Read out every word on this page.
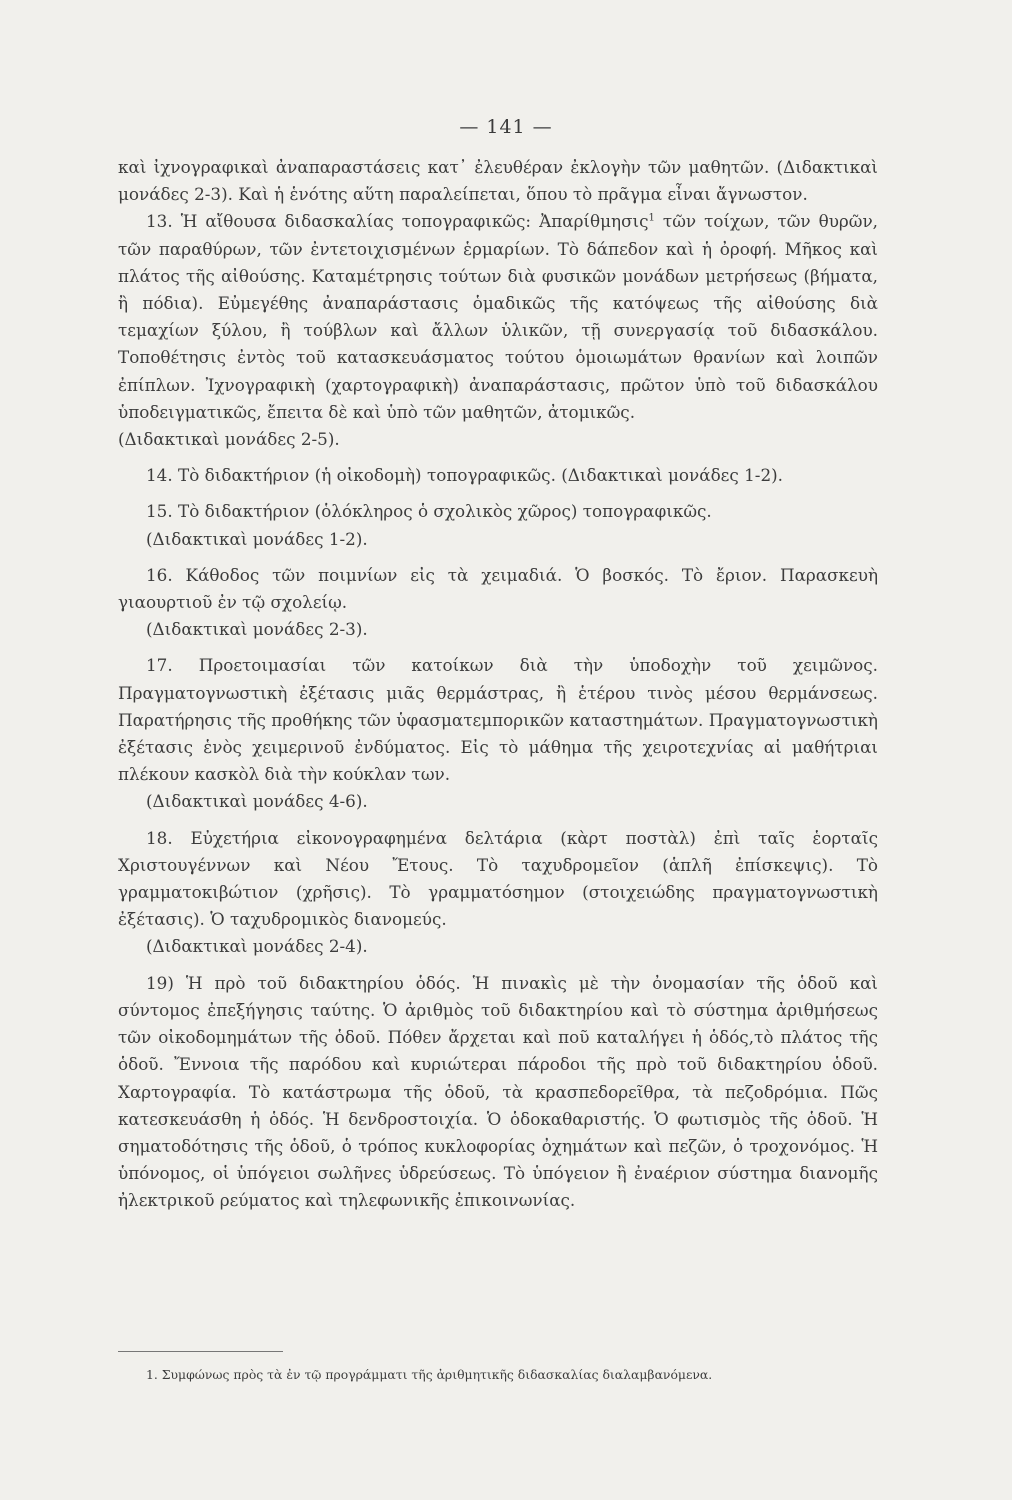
— 141 —

καὶ ἰχνογραφικαὶ ἀναπαραστάσεις κατ᾽ ἐλευθέραν ἐκλογὴν τῶν μαθητῶν. (Διδακτικαὶ μονάδες 2-3). Καὶ ἡ ἑνότης αὕτη παραλείπεται, ὅπου τὸ πρᾶγμα εἶναι ἄγνωστον.

13. Ἡ αἴθουσα διδασκαλίας τοπογραφικῶς: Ἀπαρίθμησις$^1$ τῶν τοίχων, τῶν θυρῶν, τῶν παραθύρων, τῶν ἐντετοιχισμένων ἑρμαρίων. Τὸ δάπεδον καὶ ἡ ὀροφή. Μῆκος καὶ πλάτος τῆς αἰθούσης. Καταμέτρησις τούτων διὰ φυσικῶν μονάδων μετρήσεως (βήματα, ἢ πόδια). Εὐμεγέθης ἀναπαράστασις ὁμαδικῶς τῆς κατόψεως τῆς αἰθούσης διὰ τεμαχίων ξύλου, ἢ τούβλων καὶ ἄλλων ὑλικῶν, τῇ συνεργασίᾳ τοῦ διδασκάλου. Τοποθέτησις ἐντὸς τοῦ κατασκευάσματος τούτου ὁμοιωμάτων θρανίων καὶ λοιπῶν ἐπίπλων. Ἰχνογραφικὴ (χαρτογραφικὴ) ἀναπαράστασις, πρῶτον ὑπὸ τοῦ διδασκάλου ὑποδειγματικῶς, ἔπειτα δὲ καὶ ὑπὸ τῶν μαθητῶν, ἀτομικῶς.

(Διδακτικαὶ μονάδες 2-5).

14. Τὸ διδακτήριον (ἡ οἰκοδομὴ) τοπογραφικῶς. (Διδακτικαὶ μονάδες 1-2).

15. Τὸ διδακτήριον (ὁλόκληρος ὁ σχολικὸς χῶρος) τοπογραφικῶς.

(Διδακτικαὶ μονάδες 1-2).

16. Κάθοδος τῶν ποιμνίων εἰς τὰ χειμαδιά. Ὁ βοσκός. Τὸ ἔριον. Παρασκευὴ γιαουρτιοῦ ἐν τῷ σχολείῳ.

(Διδακτικαὶ μονάδες 2-3).

17. Προετοιμασίαι τῶν κατοίκων διὰ τὴν ὑποδοχὴν τοῦ χειμῶνος. Πραγματογνωστικὴ ἐξέτασις μιᾶς θερμάστρας, ἢ ἑτέρου τινὸς μέσου θερμάνσεως. Παρατήρησις τῆς προθήκης τῶν ὑφασματεμπορικῶν καταστημάτων. Πραγματογνωστικὴ ἐξέτασις ἑνὸς χειμερινοῦ ἐνδύματος. Εἰς τὸ μάθημα τῆς χειροτεχνίας αἱ μαθήτριαι πλέκουν κασκὸλ διὰ τὴν κούκλαν των.

(Διδακτικαὶ μονάδες 4-6).

18. Εὐχετήρια εἰκονογραφημένα δελτάρια (κὰρτ ποστὰλ) ἐπὶ ταῖς ἑορταῖς Χριστουγέννων καὶ Νέου Ἔτους. Τὸ ταχυδρομεῖον (ἁπλῆ ἐπίσκεψις). Τὸ γραμματοκιβώτιον (χρῆσις). Τὸ γραμματόσημον (στοιχειώδης πραγματογνωστικὴ ἐξέτασις). Ὁ ταχυδρομικὸς διανομεύς.

(Διδακτικαὶ μονάδες 2-4).

19) Ἡ πρὸ τοῦ διδακτηρίου ὁδός. Ἡ πινακὶς μὲ τὴν ὀνομασίαν τῆς ὁδοῦ καὶ σύντομος ἐπεξήγησις ταύτης. Ὁ ἀριθμὸς τοῦ διδακτηρίου καὶ τὸ σύστημα ἀριθμήσεως τῶν οἰκοδομημάτων τῆς ὁδοῦ. Πόθεν ἄρχεται καὶ ποῦ καταλήγει ἡ ὁδός,τὸ πλάτος τῆς ὁδοῦ. Ἔννοια τῆς παρόδου καὶ κυριώτεραι πάροδοι τῆς πρὸ τοῦ διδακτηρίου ὁδοῦ. Χαρτογραφία. Τὸ κατάστρωμα τῆς ὁδοῦ, τὰ κρασπεδορεῖθρα, τὰ πεζοδρόμια. Πῶς κατεσκευάσθη ἡ ὁδός. Ἡ δενδροστοιχία. Ὁ ὁδοκαθαριστής. Ὁ φωτισμὸς τῆς ὁδοῦ. Ἡ σηματοδότησις τῆς ὁδοῦ, ὁ τρόπος κυκλοφορίας ὀχημάτων καὶ πεζῶν, ὁ τροχονόμος. Ἡ ὑπόνομος, οἱ ὑπόγειοι σωλῆνες ὑδρεύσεως. Τὸ ὑπόγειον ἢ ἐναέριον σύστημα διανομῆς ἠλεκτρικοῦ ρεύματος καὶ τηλεφωνικῆς ἐπικοινωνίας.

1. Συμφώνως πρὸς τὰ ἐν τῷ προγράμματι τῆς ἀριθμητικῆς διδασκαλίας διαλαμβανόμενα.
